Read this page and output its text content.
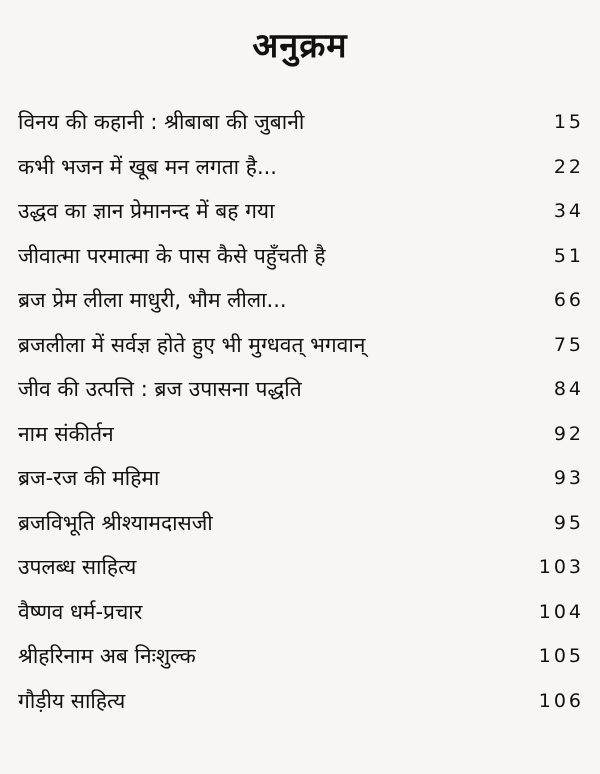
अनुक्रम
विनय की कहानी : श्रीबाबा की जुबानी	15
कभी भजन में खूब मन लगता है...	22
उद्धव का ज्ञान प्रेमानन्द में बह गया	34
जीवात्मा परमात्मा के पास कैसे पहुँचती है	51
ब्रज प्रेम लीला माधुरी, भौम लीला...	66
ब्रजलीला में सर्वज्ञ होते हुए भी मुग्धवत् भगवान्	75
जीव की उत्पत्ति : ब्रज उपासना पद्धति	84
नाम संकीर्तन	92
ब्रज-रज की महिमा	93
ब्रजविभूति श्रीश्यामदासजी	95
उपलब्ध साहित्य	103
वैष्णव धर्म-प्रचार	104
श्रीहरिनाम अब निःशुल्क	105
गौड़ीय साहित्य	106
